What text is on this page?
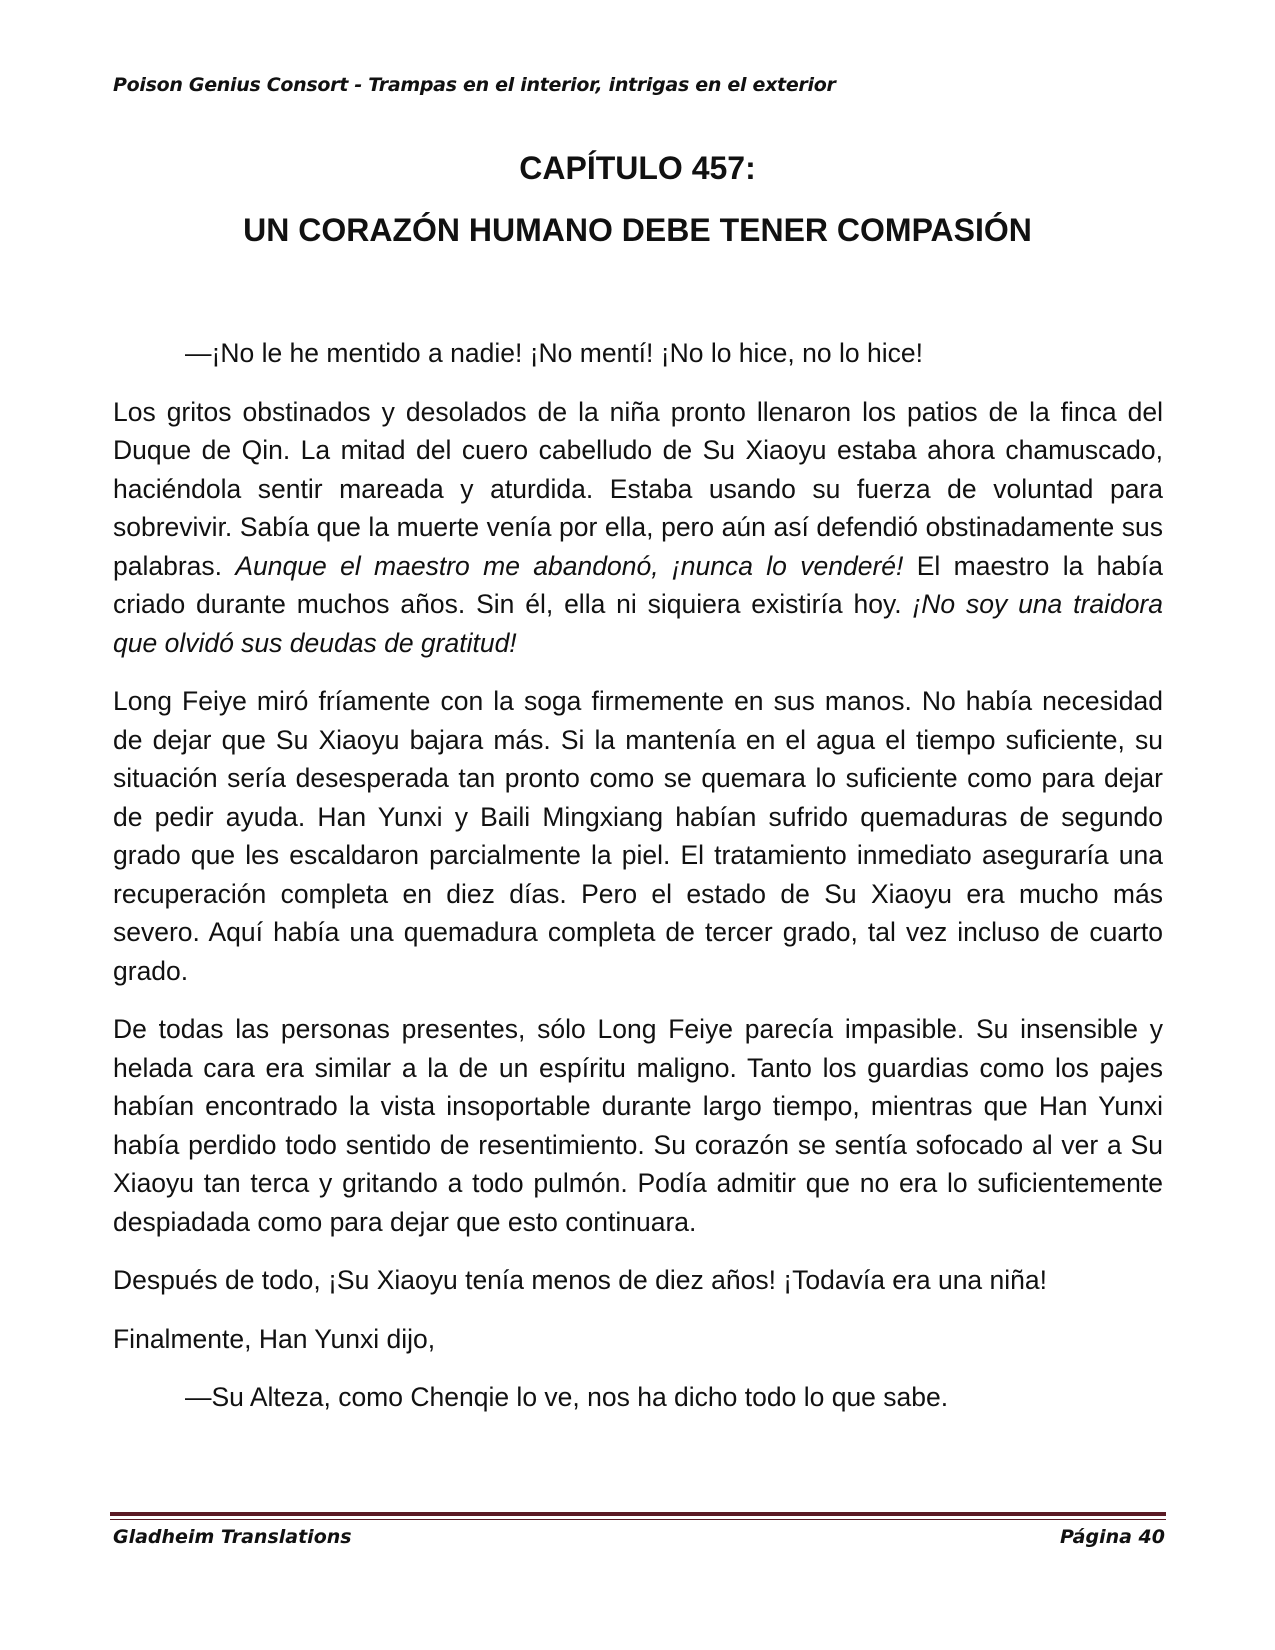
Poison Genius Consort - Trampas en el interior, intrigas en el exterior
CAPÍTULO 457:
UN CORAZÓN HUMANO DEBE TENER COMPASIÓN

—¡No le he mentido a nadie! ¡No mentí! ¡No lo hice, no lo hice!

Los gritos obstinados y desolados de la niña pronto llenaron los patios de la finca del Duque de Qin. La mitad del cuero cabelludo de Su Xiaoyu estaba ahora chamuscado, haciéndola sentir mareada y aturdida. Estaba usando su fuerza de voluntad para sobrevivir. Sabía que la muerte venía por ella, pero aún así defendió obstinadamente sus palabras. Aunque el maestro me abandonó, ¡nunca lo venderé! El maestro la había criado durante muchos años. Sin él, ella ni siquiera existiría hoy. ¡No soy una traidora que olvidó sus deudas de gratitud!

Long Feiye miró fríamente con la soga firmemente en sus manos. No había necesidad de dejar que Su Xiaoyu bajara más. Si la mantenía en el agua el tiempo suficiente, su situación sería desesperada tan pronto como se quemara lo suficiente como para dejar de pedir ayuda. Han Yunxi y Baili Mingxiang habían sufrido quemaduras de segundo grado que les escaldaron parcialmente la piel. El tratamiento inmediato aseguraría una recuperación completa en diez días. Pero el estado de Su Xiaoyu era mucho más severo. Aquí había una quemadura completa de tercer grado, tal vez incluso de cuarto grado.

De todas las personas presentes, sólo Long Feiye parecía impasible. Su insensible y helada cara era similar a la de un espíritu maligno. Tanto los guardias como los pajes habían encontrado la vista insoportable durante largo tiempo, mientras que Han Yunxi había perdido todo sentido de resentimiento. Su corazón se sentía sofocado al ver a Su Xiaoyu tan terca y gritando a todo pulmón. Podía admitir que no era lo suficientemente despiadada como para dejar que esto continuara.

Después de todo, ¡Su Xiaoyu tenía menos de diez años! ¡Todavía era una niña!

Finalmente, Han Yunxi dijo,

—Su Alteza, como Chenqie lo ve, nos ha dicho todo lo que sabe.

Gladheim Translations	Página 40
